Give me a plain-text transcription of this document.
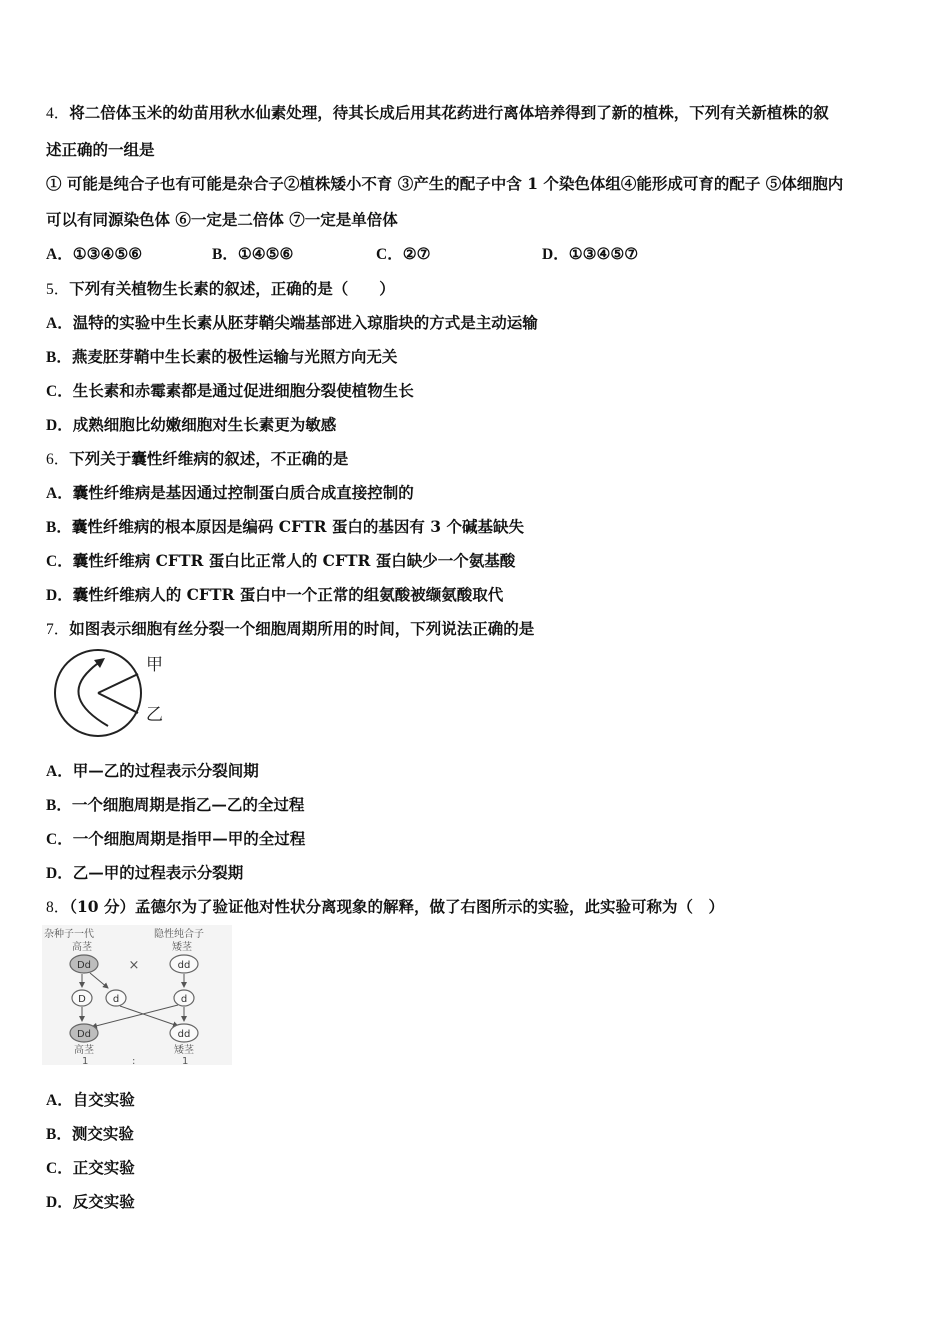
4．将二倍体玉米的幼苗用秋水仙素处理，待其长成后用其花药进行离体培养得到了新的植株，下列有关新植株的叙
述正确的一组是
① 可能是纯合子也有可能是杂合子②植株矮小不育 ③产生的配子中含 1 个染色体组④能形成可育的配子 ⑤体细胞内
可以有同源染色体 ⑥一定是二倍体 ⑦一定是单倍体
A．①③④⑤⑥	B．①④⑤⑥	C．②⑦	D．①③④⑤⑦
5．下列有关植物生长素的叙述，正确的是（　　）
A．温特的实验中生长素从胚芽鞘尖端基部进入琼脂块的方式是主动运输
B．燕麦胚芽鞘中生长素的极性运输与光照方向无关
C．生长素和赤霉素都是通过促进细胞分裂使植物生长
D．成熟细胞比幼嫩细胞对生长素更为敏感
6．下列关于囊性纤维病的叙述，不正确的是
A．囊性纤维病是基因通过控制蛋白质合成直接控制的
B．囊性纤维病的根本原因是编码 CFTR 蛋白的基因有 3 个碱基缺失
C．囊性纤维病 CFTR 蛋白比正常人的 CFTR 蛋白缺少一个氨基酸
D．囊性纤维病人的 CFTR 蛋白中一个正常的组氨酸被缬氨酸取代
7．如图表示细胞有丝分裂一个细胞周期所用的时间，下列说法正确的是
甲
乙
A．甲—乙的过程表示分裂间期
B．一个细胞周期是指乙—乙的全过程
C．一个细胞周期是指甲—甲的全过程
D．乙—甲的过程表示分裂期
8．（10 分）孟德尔为了验证他对性状分离现象的解释，做了右图所示的实验，此实验可称为（　）
杂种子一代	隐性纯合子
高茎	矮茎
Dd	×	dd
D	d	d
Dd	dd
高茎	矮茎
1	:	1
A．自交实验
B．测交实验
C．正交实验
D．反交实验
